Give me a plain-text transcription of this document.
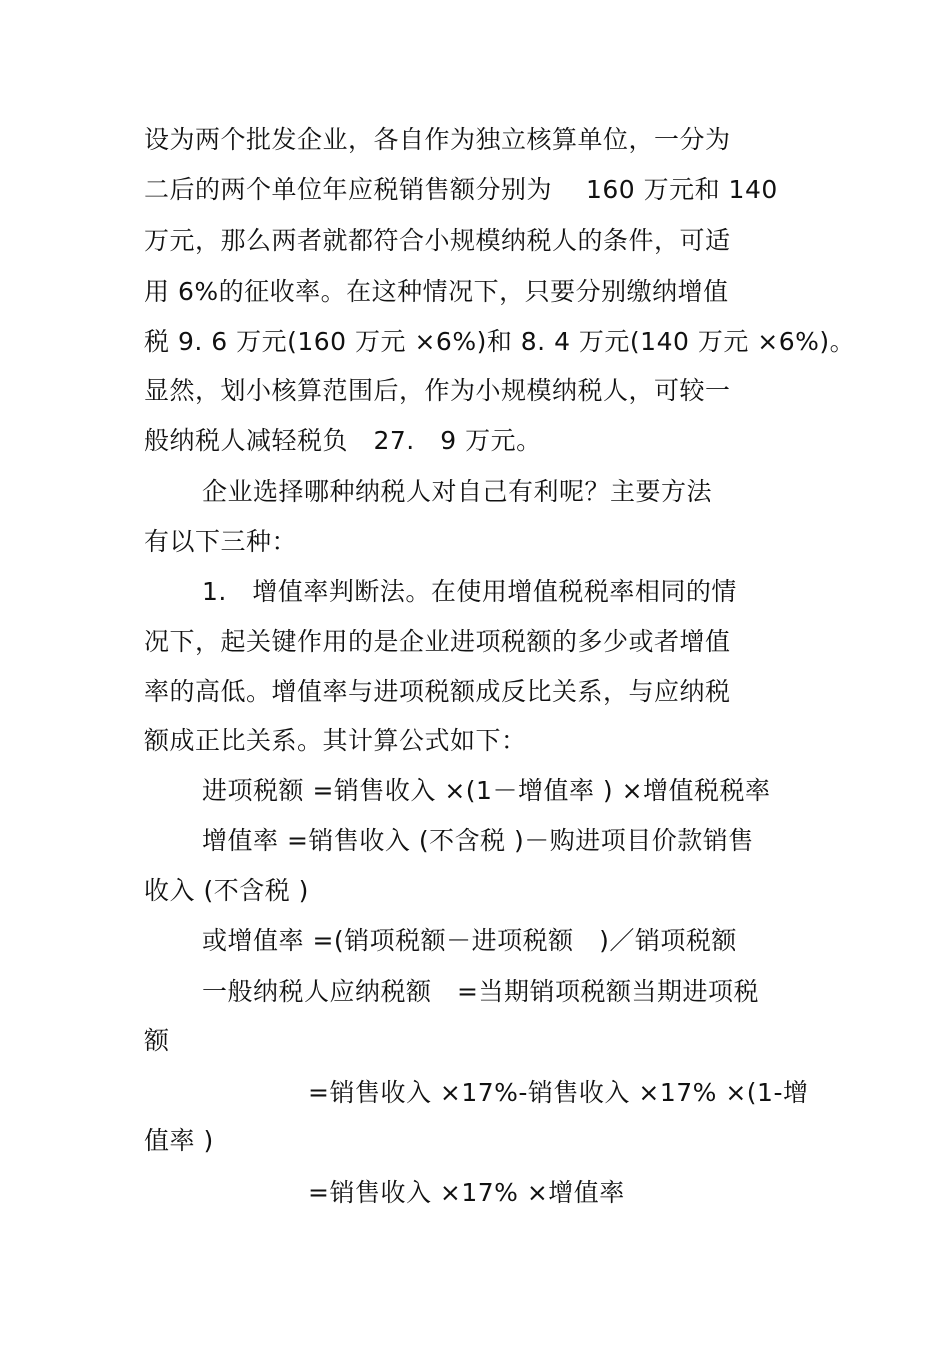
设为两个批发企业，各自作为独立核算单位，一分为
二后的两个单位年应税销售额分别为　 160 万元和 140
万元，那么两者就都符合小规模纳税人的条件，可适
用 6%的征收率。在这种情况下，只要分别缴纳增值
税 9. 6 万元(160 万元 ×6%)和 8. 4 万元(140 万元 ×6%)。
显然，划小核算范围后，作为小规模纳税人，可较一
般纳税人减轻税负　27.　9 万元。
企业选择哪种纳税人对自己有利呢？主要方法
有以下三种：
1.　增值率判断法。在使用增值税税率相同的情
况下，起关键作用的是企业进项税额的多少或者增值
率的高低。增值率与进项税额成反比关系，与应纳税
额成正比关系。其计算公式如下：
进项税额 =销售收入 ×(1－增值率 ) ×增值税税率
增值率 =销售收入 (不含税 )－购进项目价款销售
收入 (不含税 )
或增值率 =(销项税额－进项税额　)／销项税额
一般纳税人应纳税额　=当期销项税额当期进项税
额
=销售收入 ×17%-销售收入 ×17% ×(1-增
值率 )
=销售收入 ×17% ×增值率
